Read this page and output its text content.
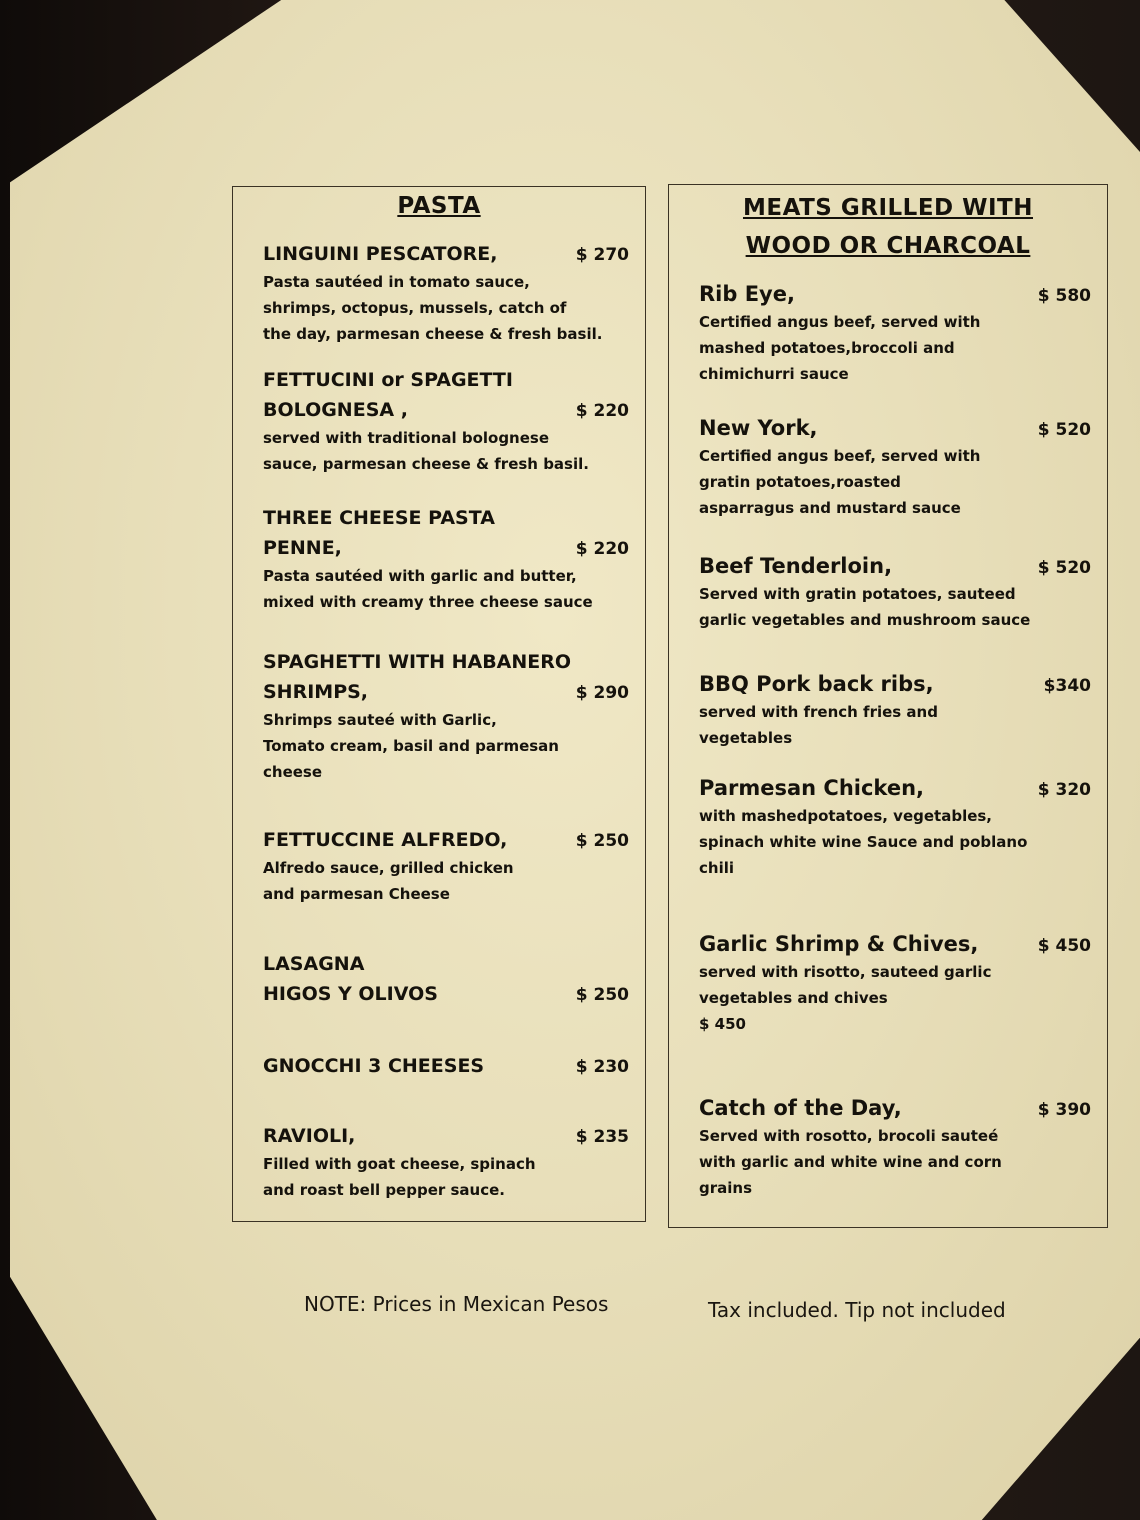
PASTA
LINGUINI PESCATORE,	$ 270
Pasta sautéed in tomato sauce,
shrimps, octopus, mussels, catch of
the day, parmesan cheese & fresh basil.
FETTUCINI or SPAGETTI
BOLOGNESA ,	$ 220
served with traditional bolognese
sauce, parmesan cheese & fresh basil.
THREE CHEESE PASTA
PENNE,	$ 220
Pasta sautéed with garlic and butter,
mixed with creamy three cheese sauce
SPAGHETTI WITH HABANERO
SHRIMPS,	$ 290
Shrimps sauteé with Garlic,
Tomato cream, basil and parmesan
cheese
FETTUCCINE ALFREDO,	$ 250
Alfredo sauce, grilled chicken
and parmesan Cheese
LASAGNA
HIGOS Y OLIVOS	$ 250
GNOCCHI 3 CHEESES	$ 230
RAVIOLI,	$ 235
Filled with goat cheese, spinach
and roast bell pepper sauce.
MEATS GRILLED WITH
WOOD OR CHARCOAL
Rib Eye,	$ 580
Certified angus beef, served with
mashed potatoes,broccoli and
chimichurri sauce
New York,	$ 520
Certified angus beef, served with
gratin potatoes,roasted
asparragus and mustard sauce
Beef Tenderloin,	$ 520
Served with gratin potatoes, sauteed
garlic vegetables and mushroom sauce
BBQ Pork back ribs,	$340
served with french fries and
vegetables
Parmesan Chicken,	$ 320
with mashedpotatoes, vegetables,
spinach white wine Sauce and poblano
chili
Garlic Shrimp & Chives,	$ 450
served with risotto, sauteed garlic
vegetables and chives
$ 450
Catch of the Day,	$ 390
Served with rosotto, brocoli sauteé
with garlic and white wine and corn
grains
NOTE: Prices in Mexican Pesos	Tax included. Tip not included
